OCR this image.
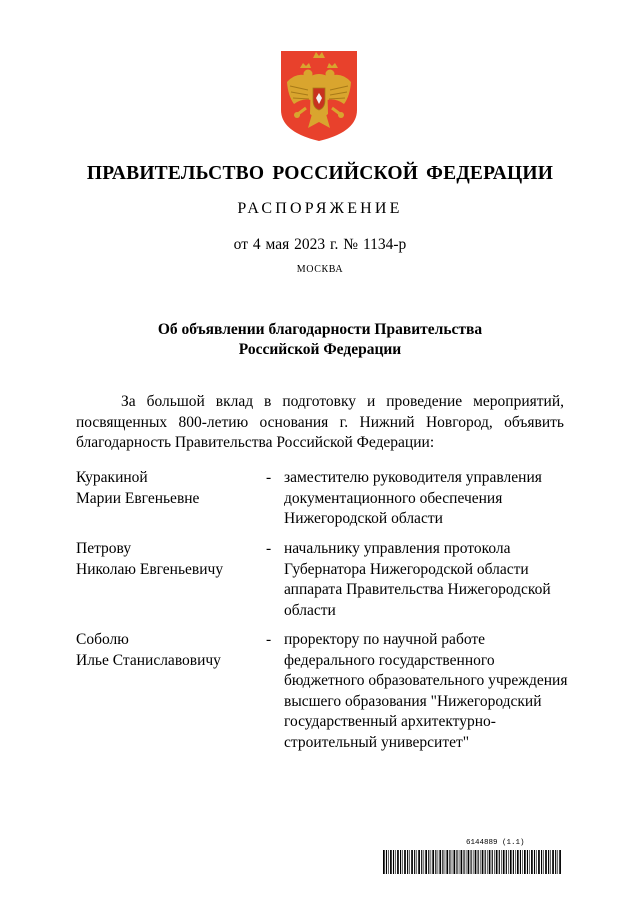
ПРАВИТЕЛЬСТВО РОССИЙСКОЙ ФЕДЕРАЦИИ
РАСПОРЯЖЕНИЕ
от 4 мая 2023 г. № 1134-р
МОСКВА
Об объявлении благодарности Правительства
Российской Федерации
За большой вклад в подготовку и проведение мероприятий, посвященных 800-летию основания г. Нижний Новгород, объявить благодарность Правительства Российской Федерации:
Куракиной
Марии Евгеньевне
- заместителю руководителя управления документационного обеспечения Нижегородской области
Петрову
Николаю Евгеньевичу
- начальнику управления протокола Губернатора Нижегородской области аппарата Правительства Нижегородской области
Соболю
Илье Станиславовичу
- проректору по научной работе федерального государственного бюджетного образовательного учреждения высшего образования "Нижегородский государственный архитектурно-строительный университет"
6144889 (1.1)
